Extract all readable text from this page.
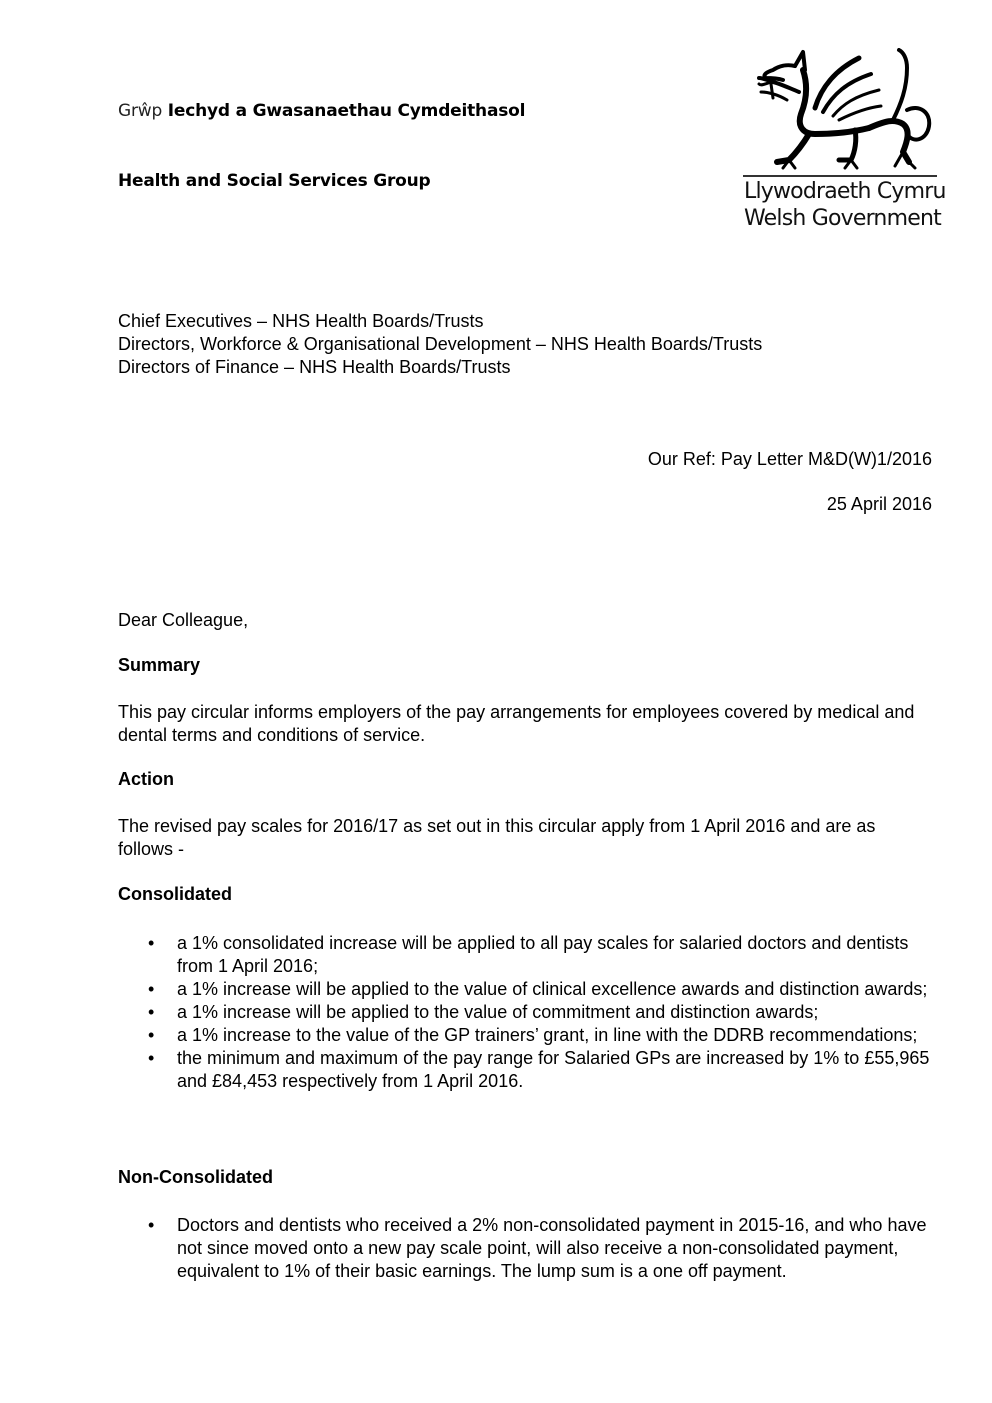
Grŵp Iechyd a Gwasanaethau Cymdeithasol
Health and Social Services Group	Llywodraeth Cymru
Welsh Government
Chief Executives – NHS Health Boards/Trusts
Directors, Workforce & Organisational Development – NHS Health Boards/Trusts
Directors of Finance – NHS Health Boards/Trusts
Our Ref: Pay Letter M&D(W)1/2016
25 April 2016
Dear Colleague,
Summary
This pay circular informs employers of the pay arrangements for employees covered by medical and dental terms and conditions of service.
Action
The revised pay scales for 2016/17 as set out in this circular apply from 1 April 2016 and are as follows -
Consolidated
• a 1% consolidated increase will be applied to all pay scales for salaried doctors and dentists from 1 April 2016;
• a 1% increase will be applied to the value of clinical excellence awards and distinction awards;
• a 1% increase will be applied to the value of commitment and distinction awards;
• a 1% increase to the value of the GP trainers’ grant, in line with the DDRB recommendations;
• the minimum and maximum of the pay range for Salaried GPs are increased by 1% to £55,965 and £84,453 respectively from 1 April 2016.
Non-Consolidated
• Doctors and dentists who received a 2% non-consolidated payment in 2015-16, and who have not since moved onto a new pay scale point, will also receive a non-consolidated payment, equivalent to 1% of their basic earnings. The lump sum is a one off payment.
